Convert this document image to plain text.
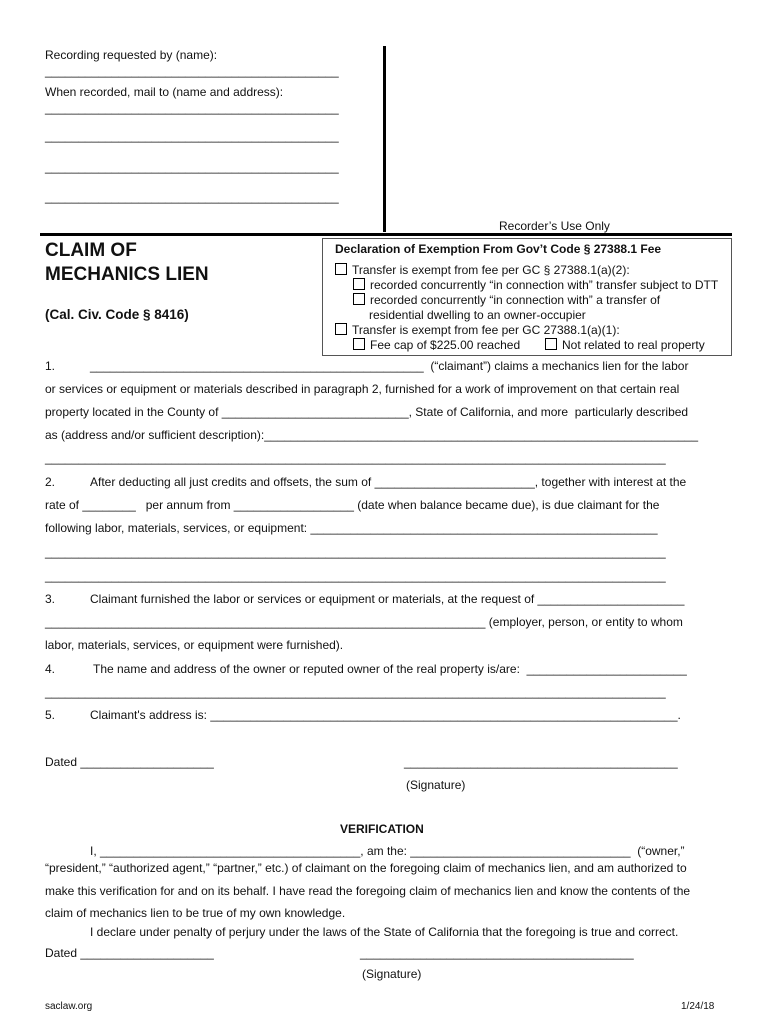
Recording requested by (name):
____________________________________________
When recorded, mail to (name and address):
____________________________________________
____________________________________________
____________________________________________
____________________________________________
Recorder’s Use Only
CLAIM OF
MECHANICS LIEN
(Cal. Civ. Code § 8416)
Declaration of Exemption From Gov’t Code § 27388.1 Fee
Transfer is exempt from fee per GC § 27388.1(a)(2):
recorded concurrently “in connection with” transfer subject to DTT
recorded concurrently “in connection with” a transfer of
residential dwelling to an owner-occupier
Transfer is exempt from fee per GC 27388.1(a)(1):
Fee cap of $225.00 reached	Not related to real property
1.	__________________________________________________  (“claimant”) claims a mechanics lien for the labor
or services or equipment or materials described in paragraph 2, furnished for a work of improvement on that certain real
property located in the County of ____________________________, State of California, and more  particularly described
as (address and/or sufficient description):_________________________________________________________________
_____________________________________________________________________________________________
2.	After deducting all just credits and offsets, the sum of ________________________, together with interest at the
rate of ________   per annum from __________________ (date when balance became due), is due claimant for the
following labor, materials, services, or equipment: ____________________________________________________
_____________________________________________________________________________________________
_____________________________________________________________________________________________
3.	Claimant furnished the labor or services or equipment or materials, at the request of ______________________
__________________________________________________________________ (employer, person, or entity to whom
labor, materials, services, or equipment were furnished).
4.	The name and address of the owner or reputed owner of the real property is/are:  ________________________
_____________________________________________________________________________________________
5.	Claimant's address is: ______________________________________________________________________.
Dated ____________________	_________________________________________
(Signature)
VERIFICATION
I, _______________________________________, am the: _________________________________  (“owner,”
“president,” “authorized agent,” “partner,” etc.) of claimant on the foregoing claim of mechanics lien, and am authorized to
make this verification for and on its behalf. I have read the foregoing claim of mechanics lien and know the contents of the
claim of mechanics lien to be true of my own knowledge.
I declare under penalty of perjury under the laws of the State of California that the foregoing is true and correct.
Dated ____________________	_________________________________________
(Signature)
saclaw.org	1/24/18
